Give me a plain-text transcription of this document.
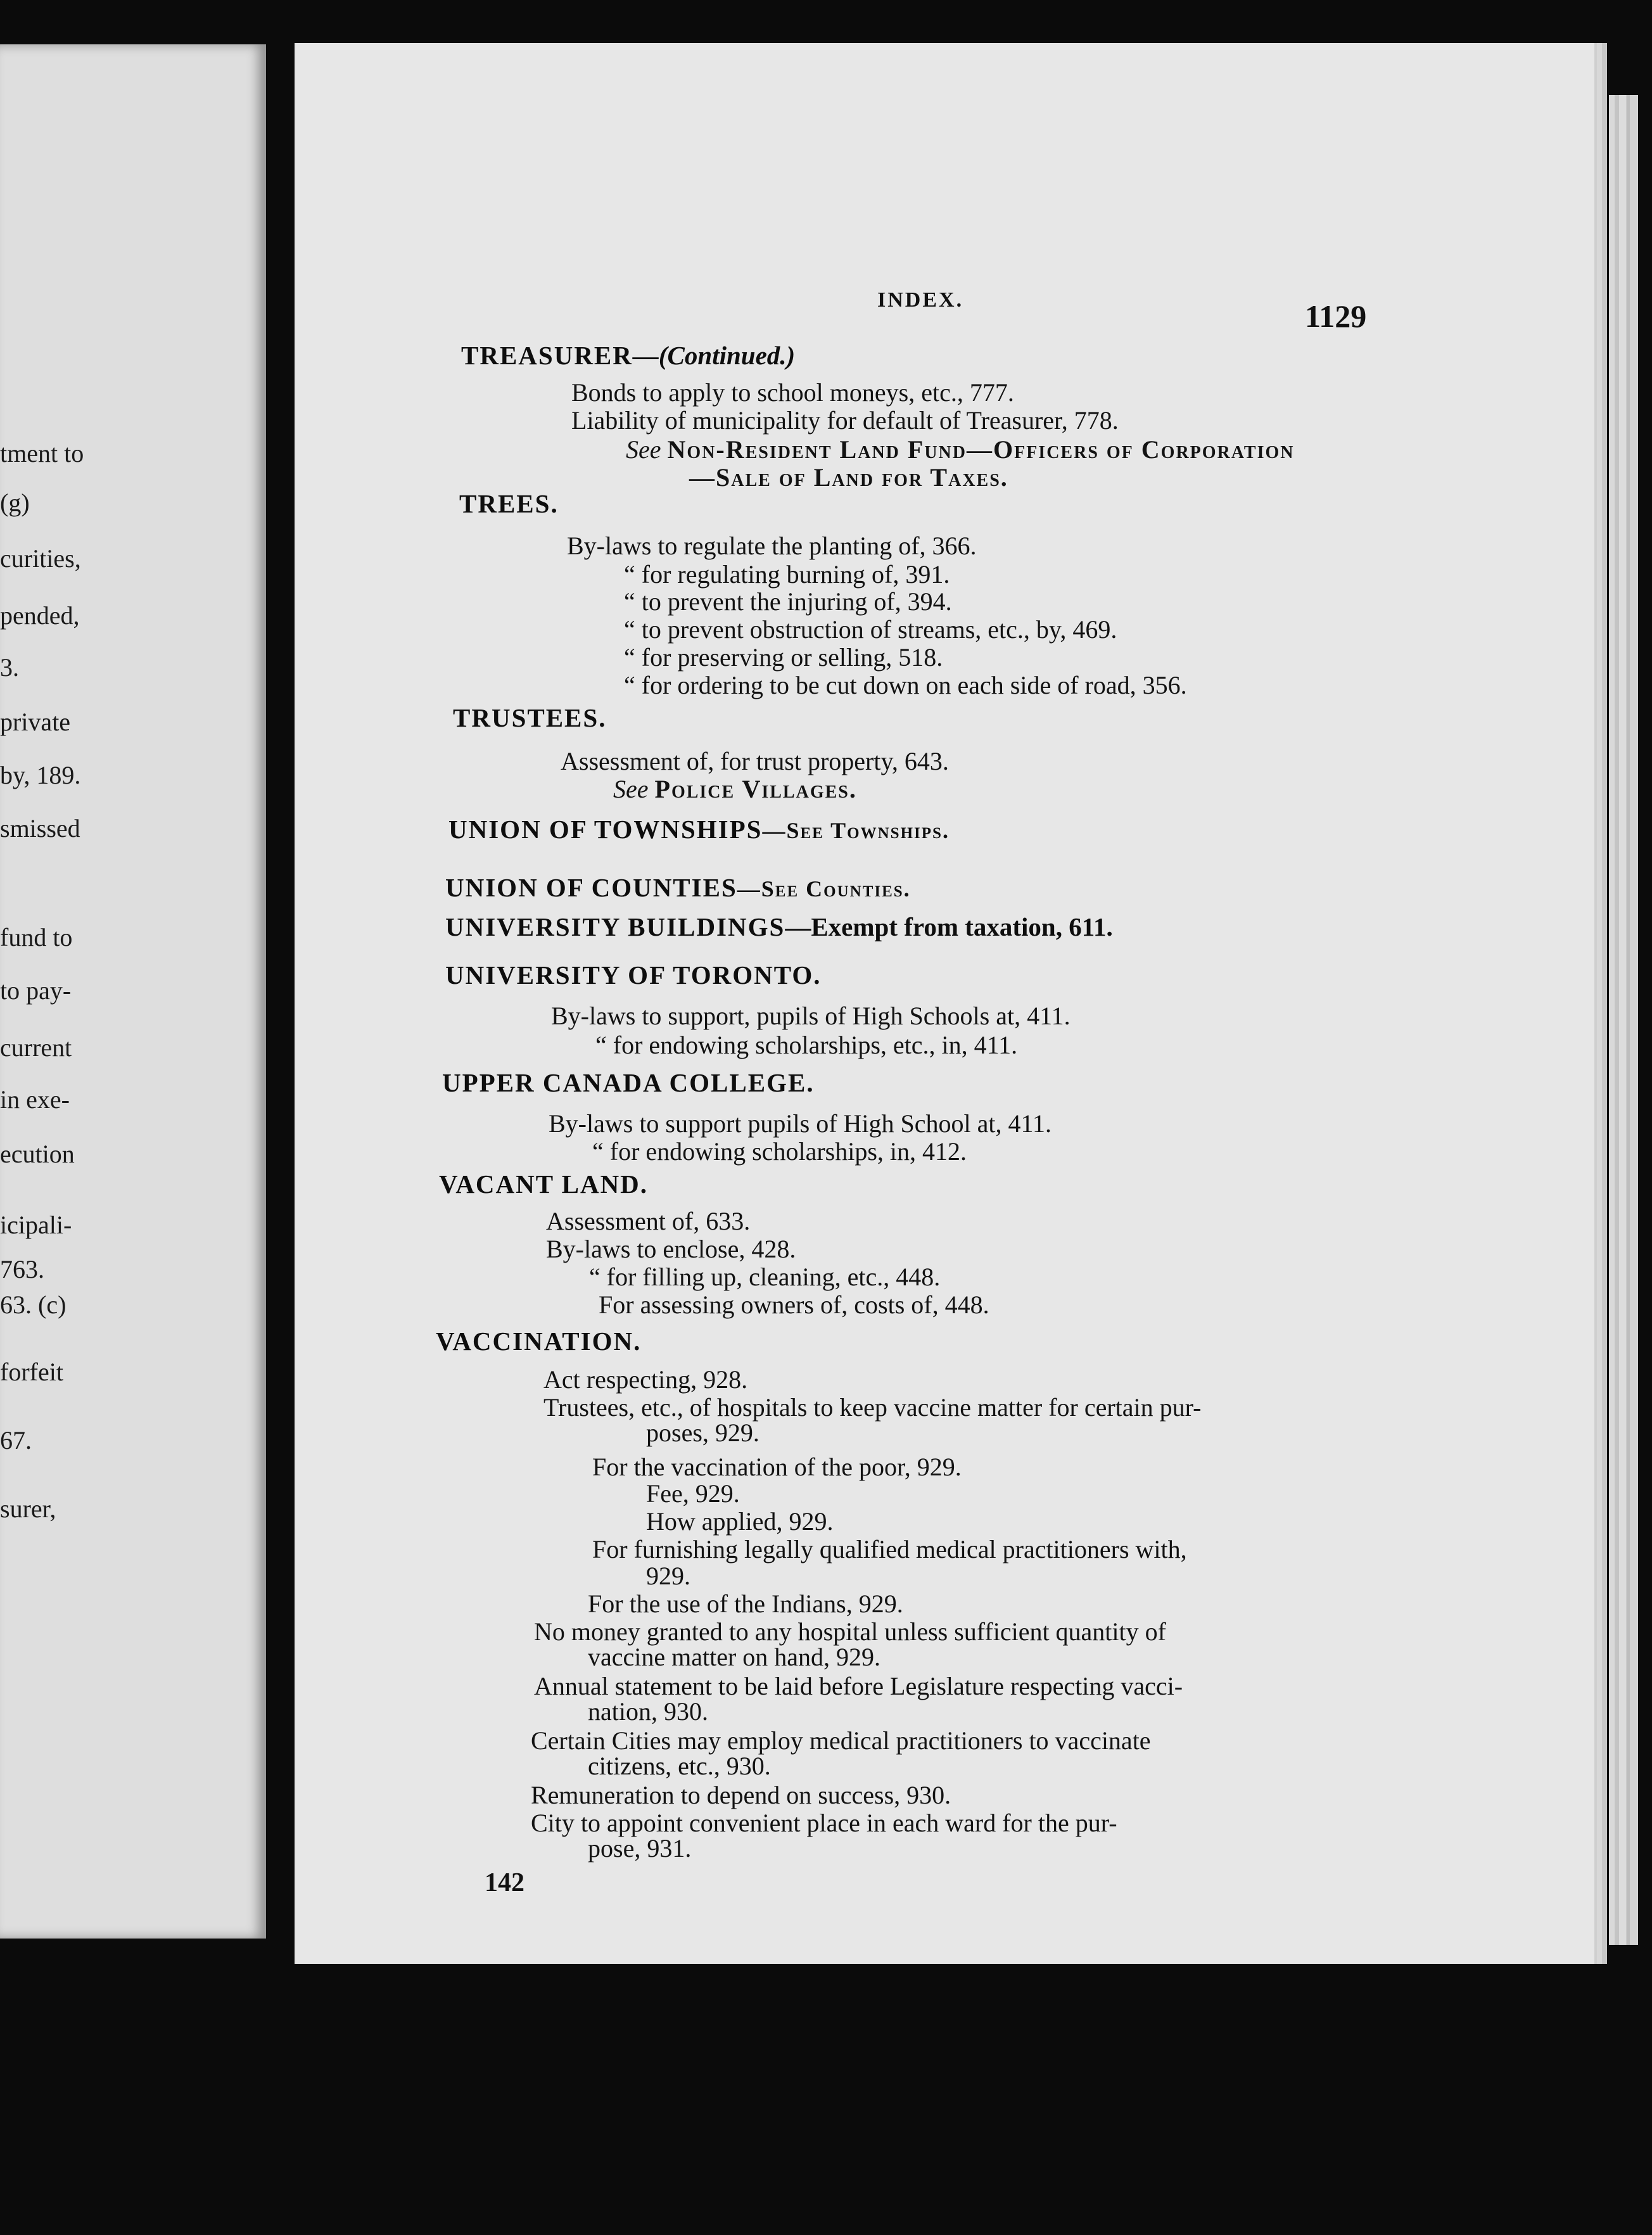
tment to
(g)
curities,
pended,
3.
private
by, 189.
smissed
fund to
to pay-
current
in exe-
ecution
icipali-
763.
63. (c)
forfeit
67.
surer,
INDEX.	1129
TREASURER—(Continued.)
Bonds to apply to school moneys, etc., 777.
Liability of municipality for default of Treasurer, 778.
See Non-Resident Land Fund—Officers of Corporation
—Sale of Land for Taxes.
TREES.
By-laws to regulate the planting of, 366.
“ for regulating burning of, 391.
“ to prevent the injuring of, 394.
“ to prevent obstruction of streams, etc., by, 469.
“ for preserving or selling, 518.
“ for ordering to be cut down on each side of road, 356.
TRUSTEES.
Assessment of, for trust property, 643.
See Police Villages.
UNION OF TOWNSHIPS—See Townships.
UNION OF COUNTIES—See Counties.
UNIVERSITY BUILDINGS—Exempt from taxation, 611.
UNIVERSITY OF TORONTO.
By-laws to support, pupils of High Schools at, 411.
“ for endowing scholarships, etc., in, 411.
UPPER CANADA COLLEGE.
By-laws to support pupils of High School at, 411.
“ for endowing scholarships, in, 412.
VACANT LAND.
Assessment of, 633.
By-laws to enclose, 428.
“ for filling up, cleaning, etc., 448.
For assessing owners of, costs of, 448.
VACCINATION.
Act respecting, 928.
Trustees, etc., of hospitals to keep vaccine matter for certain pur-
poses, 929.
For the vaccination of the poor, 929.
Fee, 929.
How applied, 929.
For furnishing legally qualified medical practitioners with,
929.
For the use of the Indians, 929.
No money granted to any hospital unless sufficient quantity of
vaccine matter on hand, 929.
Annual statement to be laid before Legislature respecting vacci-
nation, 930.
Certain Cities may employ medical practitioners to vaccinate
citizens, etc., 930.
Remuneration to depend on success, 930.
City to appoint convenient place in each ward for the pur-
pose, 931.
142
